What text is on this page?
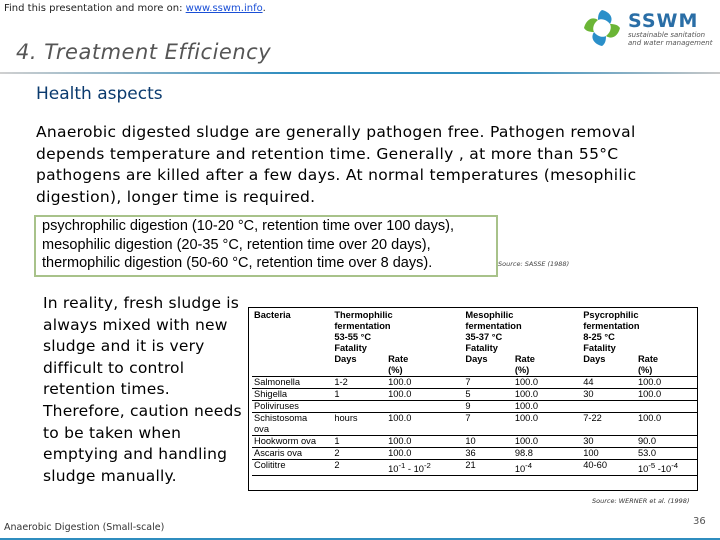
Find this presentation and more on: www.sswm.info.
SSWM
sustainable sanitation
and water management
4. Treatment Efficiency
Health aspects
Anaerobic digested sludge are generally pathogen free. Pathogen removal depends temperature and retention time. Generally , at more than 55°C pathogens are killed after a few days. At normal temperatures (mesophilic digestion), longer time is required.
psychrophilic digestion (10-20 °C, retention time over 100 days),
mesophilic digestion (20-35 °C, retention time over 20 days),
thermophilic digestion (50-60 °C, retention time over 8 days).	Source: SASSE (1988)
In reality, fresh sludge is always mixed with new sludge and it is very difficult to control retention times. Therefore, caution needs to be taken when emptying and handling sludge manually.
Bacteria	Thermophilic		Mesophilic		Psycrophilic	
	fermentation		fermentation		fermentation	
	53-55 °C		35-37 °C		8-25 °C	
	Fatality		Fatality		Fatality	
	Days	Rate	Days	Rate	Days	Rate
		(%)		(%)		(%)
Salmonella	1-2	100.0	7	100.0	44	100.0
Shigella	1	100.0	5	100.0	30	100.0
Poliviruses			9	100.0		

Schistosoma
ova	hours	100.0	7	100.0	7-22	100.0
Hookworm ova	1	100.0	10	100.0	30	90.0
Ascaris ova	2	100.0	36	98.8	100	53.0
Colititre	2	$10^{-1} - 10^{-2}$	21	$10^{-4}$	40-60	$10^{-5}$ $-10^{-4}$
Source: WERNER et al. (1998)
Anaerobic Digestion (Small-scale)
36
